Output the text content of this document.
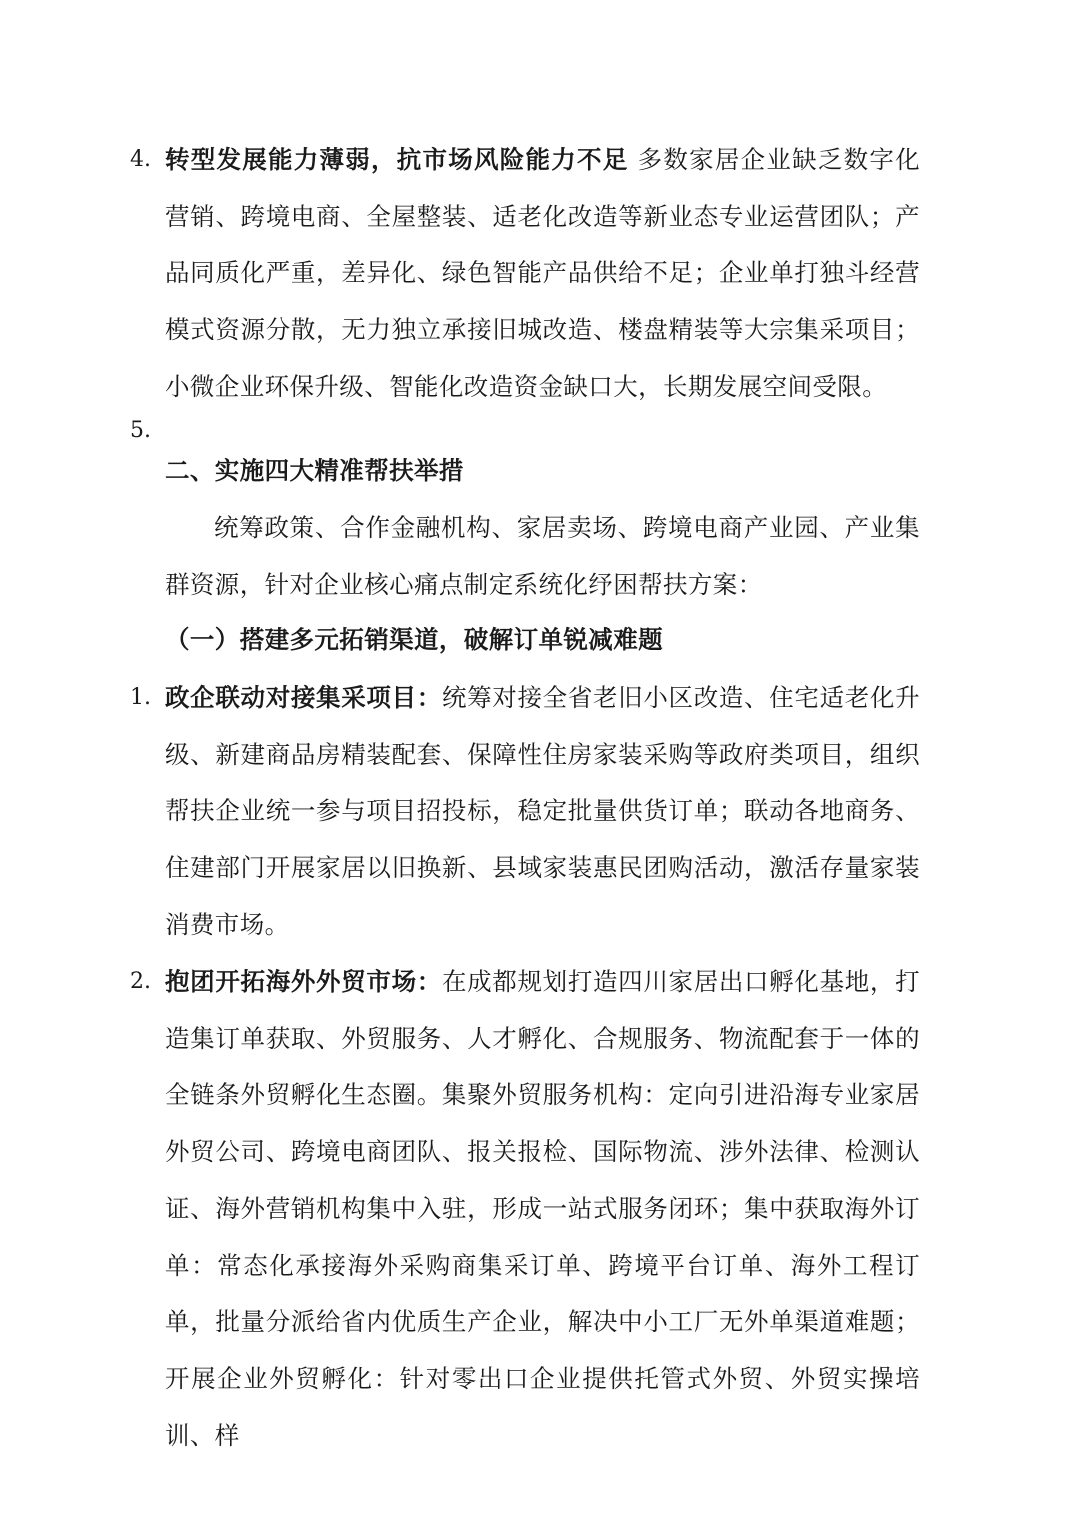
4. 转型发展能力薄弱，抗市场风险能力不足 多数家居企业缺乏数字化营销、跨境电商、全屋整装、适老化改造等新业态专业运营团队；产品同质化严重，差异化、绿色智能产品供给不足；企业单打独斗经营模式资源分散，无力独立承接旧城改造、楼盘精装等大宗集采项目；小微企业环保升级、智能化改造资金缺口大，长期发展空间受限。
5.
二、实施四大精准帮扶举措
统筹政策、合作金融机构、家居卖场、跨境电商产业园、产业集群资源，针对企业核心痛点制定系统化纾困帮扶方案：
（一）搭建多元拓销渠道，破解订单锐减难题
1. 政企联动对接集采项目：统筹对接全省老旧小区改造、住宅适老化升级、新建商品房精装配套、保障性住房家装采购等政府类项目，组织帮扶企业统一参与项目招投标，稳定批量供货订单；联动各地商务、住建部门开展家居以旧换新、县域家装惠民团购活动，激活存量家装消费市场。
2. 抱团开拓海外外贸市场：在成都规划打造四川家居出口孵化基地，打造集订单获取、外贸服务、人才孵化、合规服务、物流配套于一体的全链条外贸孵化生态圈。集聚外贸服务机构：定向引进沿海专业家居外贸公司、跨境电商团队、报关报检、国际物流、涉外法律、检测认证、海外营销机构集中入驻，形成一站式服务闭环；集中获取海外订单：常态化承接海外采购商集采订单、跨境平台订单、海外工程订单，批量分派给省内优质生产企业，解决中小工厂无外单渠道难题；开展企业外贸孵化：针对零出口企业提供托管式外贸、外贸实操培训、样
